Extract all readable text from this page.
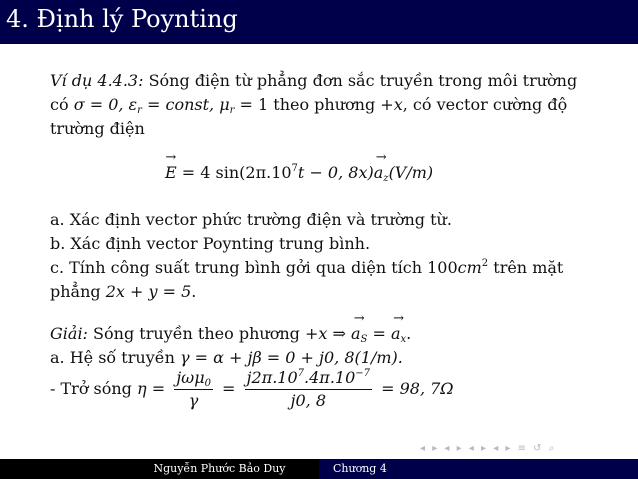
4. Định lý Poynting
Ví dụ 4.4.3: Sóng điện từ phẳng đơn sắc truyền trong môi trường
có σ = 0, $\varepsilon_r$ = const, $\mu_r = 1$ theo phương +x, có vector cường độ
trường điện
→ E = 4 $\sin(2\pi.10^7t - 0$, $8x)\to a_z(V/m)$
a. Xác định vector phức trường điện và trường từ.
b. Xác định vector Poynting trung bình.
c. Tính công suất trung bình gởi qua diện tích $100cm^2$ trên mặt
phẳng 2x + y = 5.
Giải: Sóng truyền theo phương +x ⇒ → $a_S$ = → $a_x$.
a. Hệ số truyền γ = α + jβ = 0 + j0, 8(1/m).
- Trở sóng $\eta = \frac{j\omega\mu_0}{\gamma} = \frac{j2\pi.10^7.4\pi.10^{-7}}{j0, 8} = 98$, 7Ω
◂ ▸ ◂ ▸ ◂ ▸ ◂ ▸ ≡ ↺ ⌕
Nguyễn Phước Bảo Duy	Chương 4
